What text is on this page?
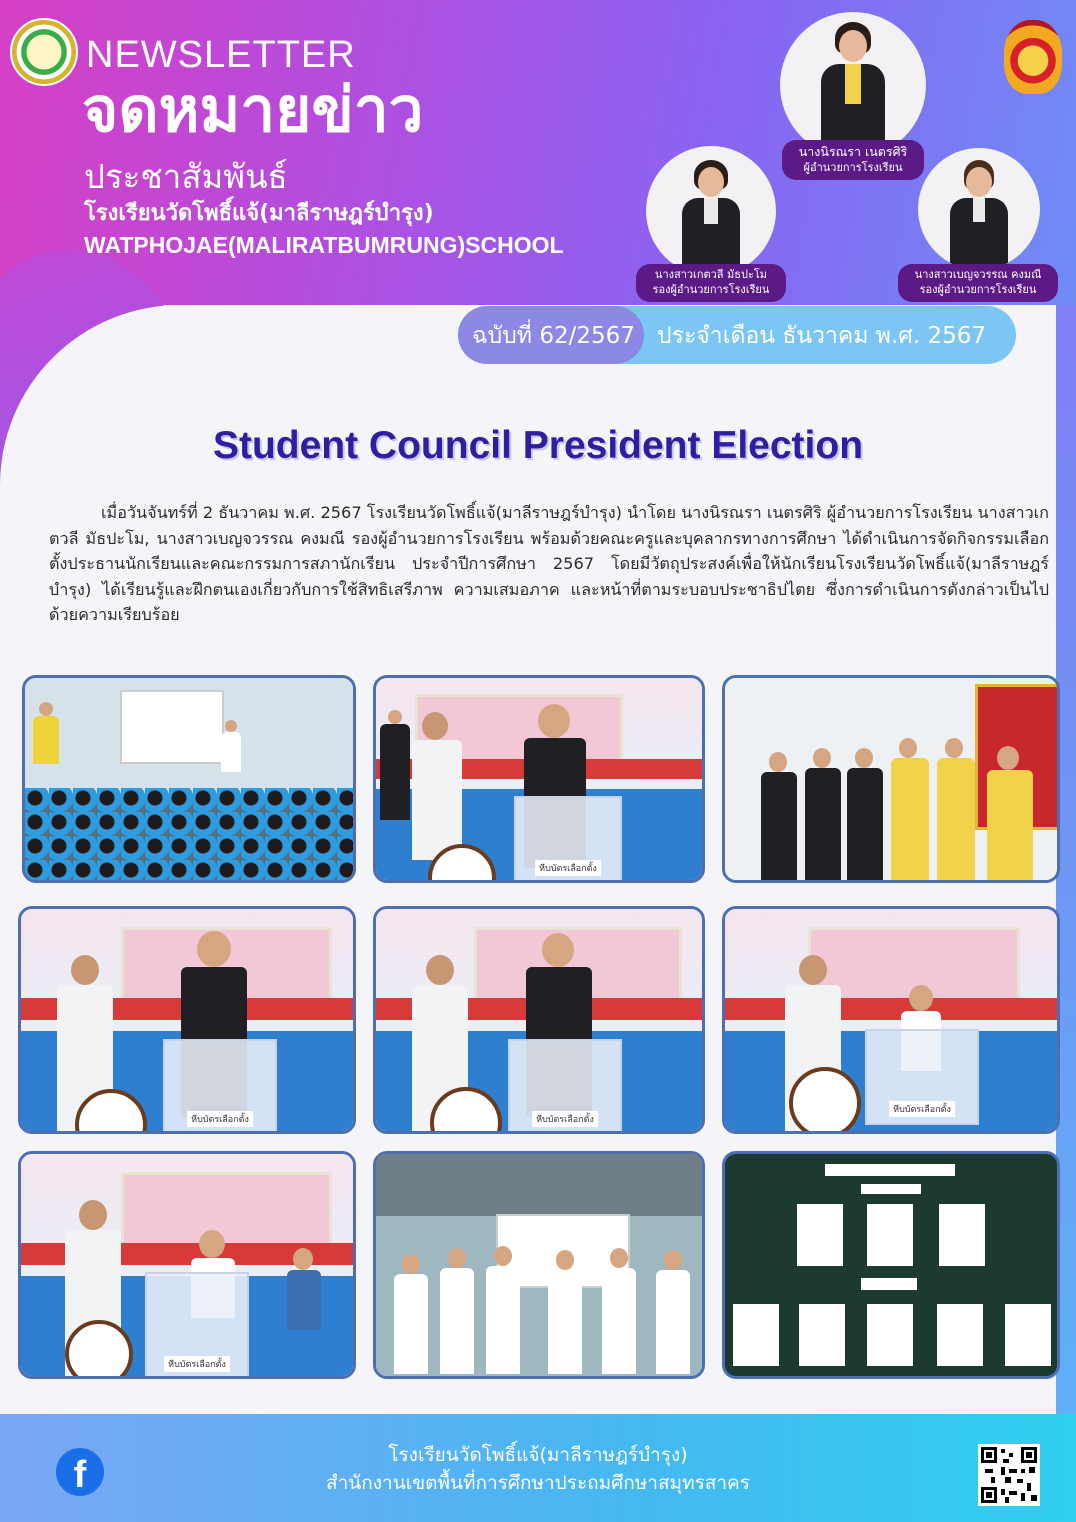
NEWSLETTER
จดหมายข่าว
ประชาสัมพันธ์
โรงเรียนวัดโพธิ์แจ้(มาลีราษฎร์บำรุง)
WATPHOJAE(MALIRATBUMRUNG)SCHOOL
นางนิรณรา เนตรศิริ
ผู้อำนวยการโรงเรียน
นางสาวเกตวลี มัธปะโม
รองผู้อำนวยการโรงเรียน
นางสาวเบญจวรรณ คงมณี
รองผู้อำนวยการโรงเรียน
ฉบับที่ 62/2567 ประจำเดือน ธันวาคม พ.ศ. 2567
Student Council President Election
เมื่อวันจันทร์ที่ 2 ธันวาคม พ.ศ. 2567 โรงเรียนวัดโพธิ์แจ้(มาลีราษฎร์บำรุง) นำโดย นางนิรณรา เนตรศิริ ผู้อำนวยการโรงเรียน นางสาวเกตวลี มัธปะโม, นางสาวเบญจวรรณ คงมณี รองผู้อำนวยการโรงเรียน พร้อมด้วยคณะครูและบุคลากรทางการศึกษา ได้ดำเนินการจัดกิจกรรมเลือกตั้งประธานนักเรียนและคณะกรรมการสภานักเรียน ประจำปีการศึกษา 2567 โดยมีวัตถุประสงค์เพื่อให้นักเรียนโรงเรียนวัดโพธิ์แจ้(มาลีราษฎร์บำรุง) ได้เรียนรู้และฝึกตนเองเกี่ยวกับการใช้สิทธิเสรีภาพ ความเสมอภาค และหน้าที่ตามระบอบประชาธิปไตย ซึ่งการดำเนินการดังกล่าวเป็นไปด้วยความเรียบร้อย
หีบบัตรเลือกตั้ง
หีบบัตรเลือกตั้ง	หีบบัตรเลือกตั้ง
หีบบัตรเลือกตั้ง
หีบบัตรเลือกตั้ง
f	โรงเรียนวัดโพธิ์แจ้(มาลีราษฎร์บำรุง)
สำนักงานเขตพื้นที่การศึกษาประถมศึกษาสมุทรสาคร
